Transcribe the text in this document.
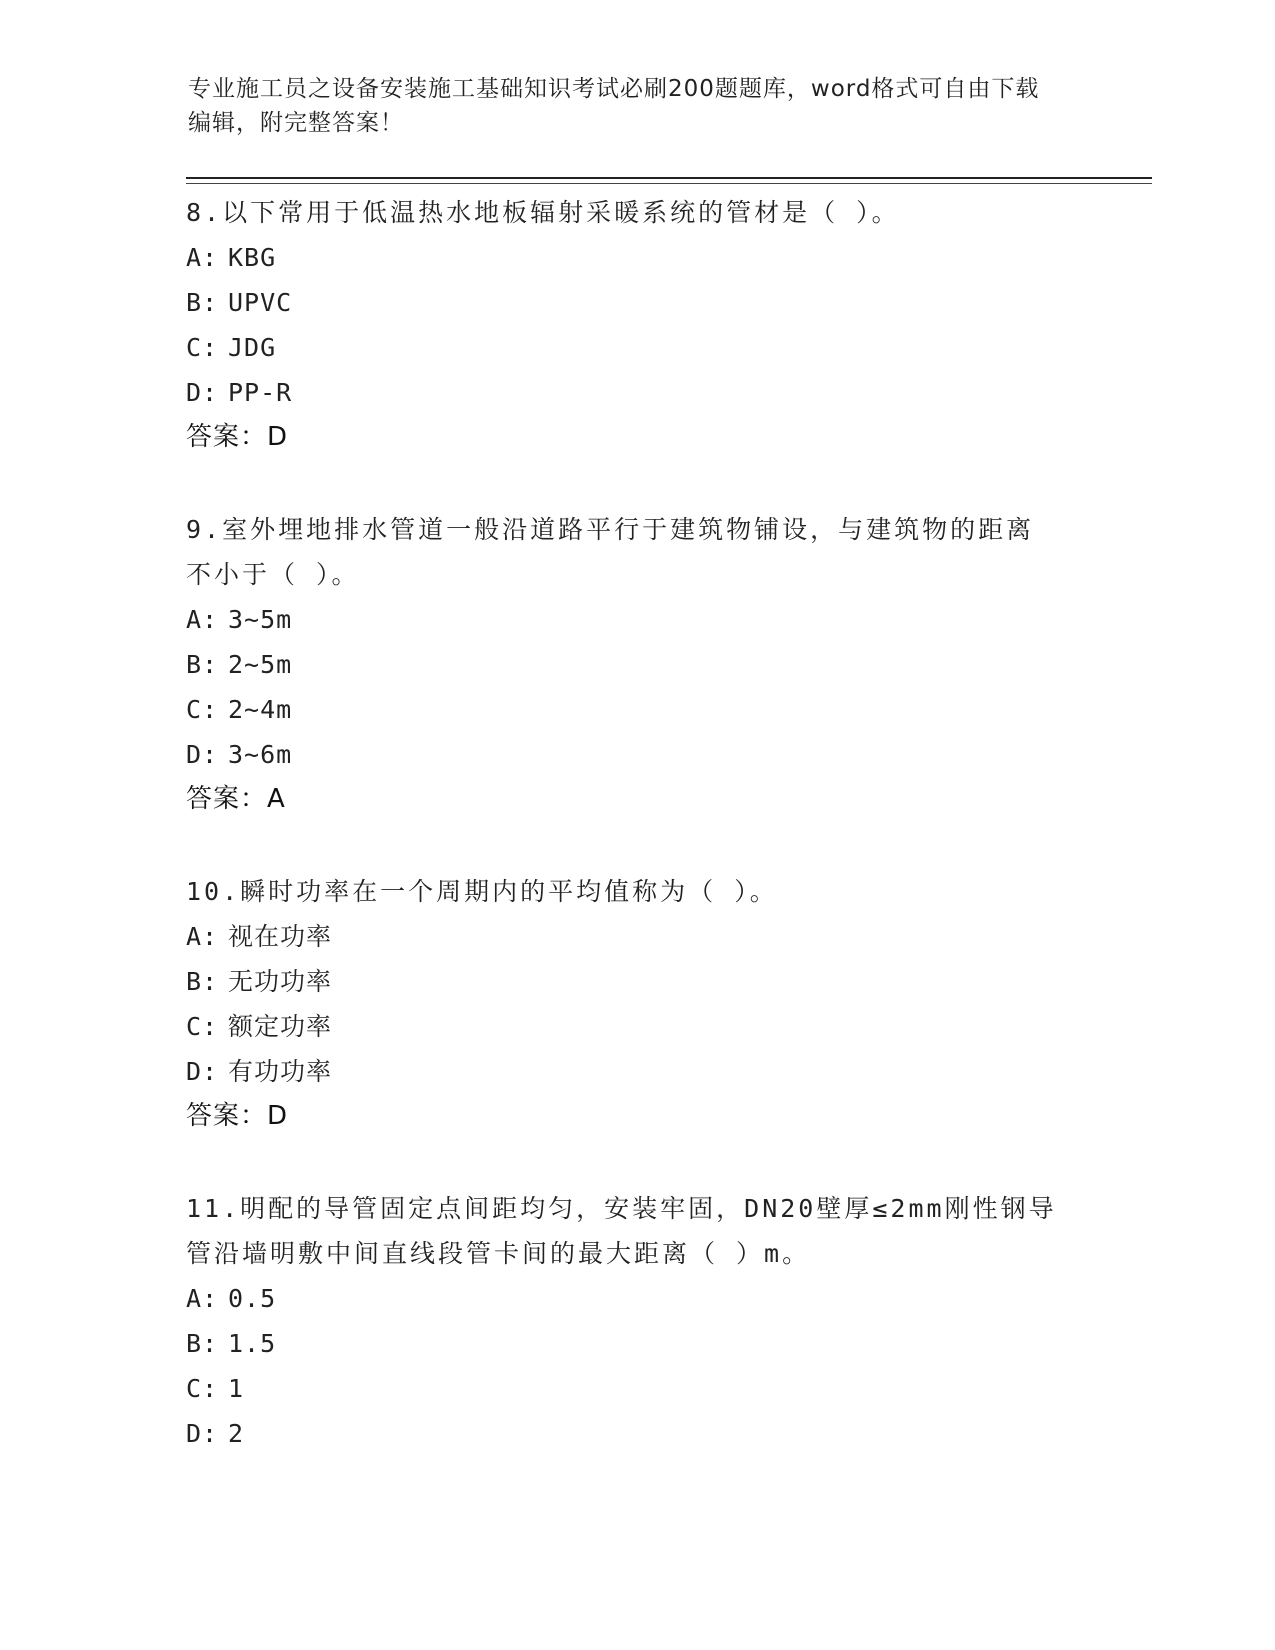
专业施工员之设备安装施工基础知识考试必刷200题题库，word格式可自由下载
编辑，附完整答案！
8.以下常用于低温热水地板辐射采暖系统的管材是（ ）。
A: KBG
B: UPVC
C: JDG
D: PP-R
答案：D
9.室外埋地排水管道一般沿道路平行于建筑物铺设，与建筑物的距离
不小于（ ）。
A: 3~5m
B: 2~5m
C: 2~4m
D: 3~6m
答案：A
10.瞬时功率在一个周期内的平均值称为（ ）。
A: 视在功率
B: 无功功率
C: 额定功率
D: 有功功率
答案：D
11.明配的导管固定点间距均匀，安装牢固，DN20壁厚≤2mm刚性钢导
管沿墙明敷中间直线段管卡间的最大距离（ ）m。
A: 0.5
B: 1.5
C: 1
D: 2
